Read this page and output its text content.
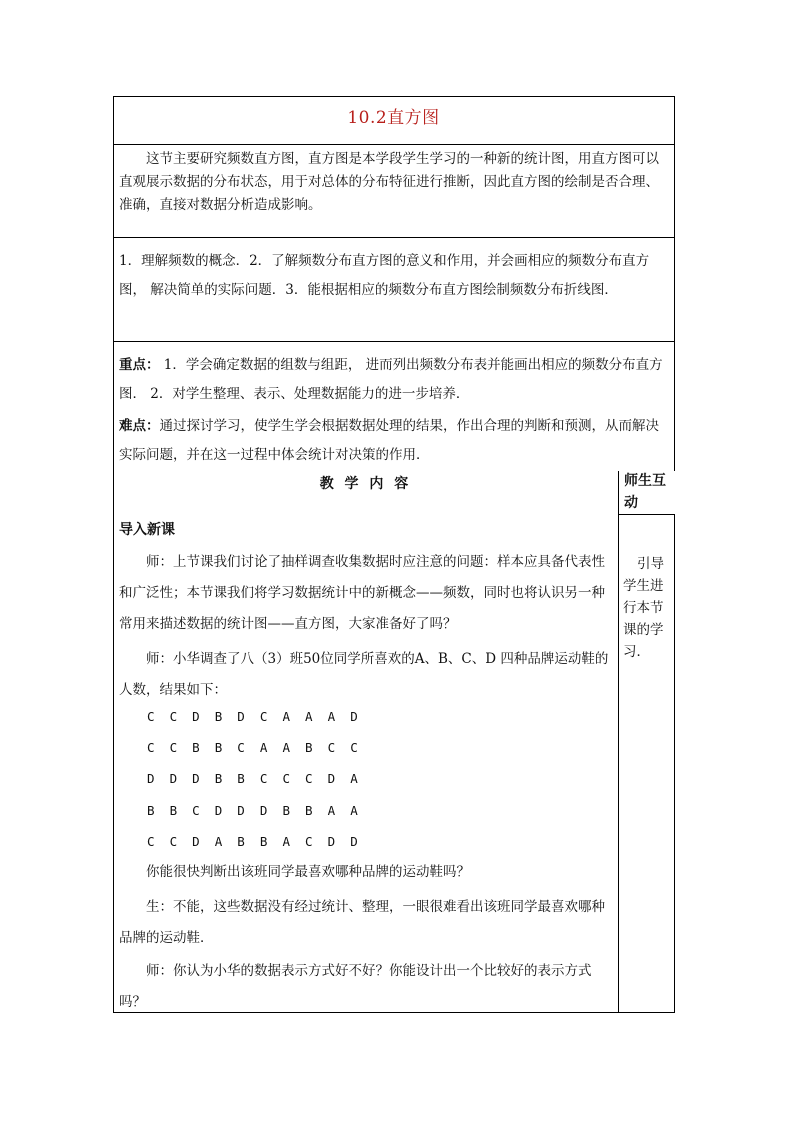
10.2直方图
这节主要研究频数直方图，直方图是本学段学生学习的一种新的统计图，用直方图可以直观展示数据的分布状态，用于对总体的分布特征进行推断，因此直方图的绘制是否合理、准确，直接对数据分析造成影响。
1．理解频数的概念．2．了解频数分布直方图的意义和作用，并会画相应的频数分布直方图， 解决简单的实际问题．3．能根据相应的频数分布直方图绘制频数分布折线图．
重点： 1．学会确定数据的组数与组距， 进而列出频数分布表并能画出相应的频数分布直方图． 2．对学生整理、表示、处理数据能力的进一步培养．
难点：通过探讨学习，使学生学会根据数据处理的结果，作出合理的判断和预测，从而解决实际问题，并在这一过程中体会统计对决策的作用．
教 学 内 容	师生互动
导入新课
师：上节课我们讨论了抽样调查收集数据时应注意的问题：样本应具备代表性和广泛性；本节课我们将学习数据统计中的新概念——频数，同时也将认识另一种常用来描述数据的统计图——直方图，大家准备好了吗？
师：小华调查了八（3）班50位同学所喜欢的A、B、C、D 四种品牌运动鞋的人数，结果如下：
C  C  D  B  D  C  A  A  A  D
C  C  B  B  C  A  A  B  C  C
D  D  D  B  B  C  C  C  D  A
B  B  C  D  D  D  B  B  A  A
C  C  D  A  B  B  A  C  D  D
你能很快判断出该班同学最喜欢哪种品牌的运动鞋吗？
生：不能，这些数据没有经过统计、整理，一眼很难看出该班同学最喜欢哪种品牌的运动鞋．
师：你认为小华的数据表示方式好不好？你能设计出一个比较好的表示方式吗？
引导学生进行本节课的学习．
